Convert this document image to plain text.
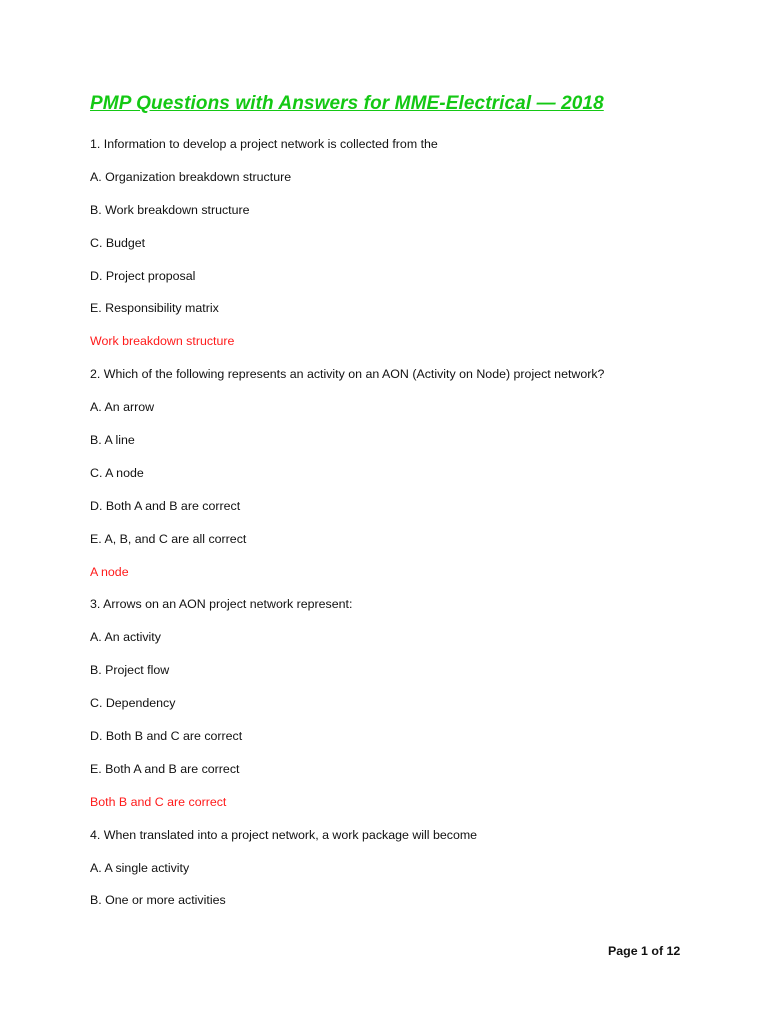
PMP Questions with Answers for MME-Electrical — 2018
1. Information to develop a project network is collected from the
A. Organization breakdown structure
B. Work breakdown structure
C. Budget
D. Project proposal
E. Responsibility matrix
Work breakdown structure
2. Which of the following represents an activity on an AON (Activity on Node) project network?
A. An arrow
B. A line
C. A node
D. Both A and B are correct
E. A, B, and C are all correct
A node
3. Arrows on an AON project network represent:
A. An activity
B. Project flow
C. Dependency
D. Both B and C are correct
E. Both A and B are correct
Both B and C are correct
4. When translated into a project network, a work package will become
A. A single activity
B. One or more activities
Page 1 of 12
